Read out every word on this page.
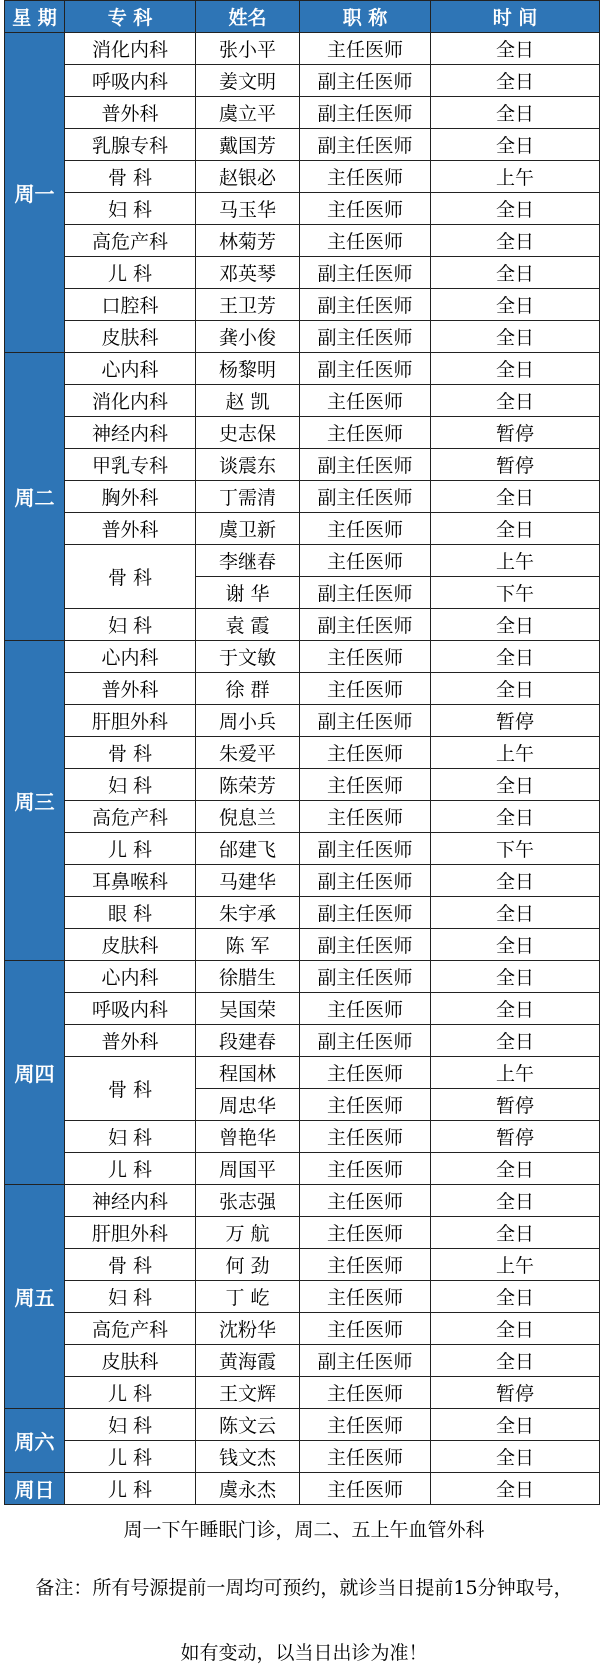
星 期	专 科	姓名	职 称	时 间
周一	消化内科	张小平	主任医师	全日
	呼吸内科	姜文明	副主任医师	全日
	普外科	虞立平	副主任医师	全日
	乳腺专科	戴国芳	副主任医师	全日
	骨 科	赵银必	主任医师	上午
	妇 科	马玉华	主任医师	全日
	高危产科	林菊芳	主任医师	全日
	儿 科	邓英琴	副主任医师	全日
	口腔科	王卫芳	副主任医师	全日
	皮肤科	龚小俊	副主任医师	全日
周二	心内科	杨黎明	副主任医师	全日
	消化内科	赵 凯	主任医师	全日
	神经内科	史志保	主任医师	暂停
	甲乳专科	谈震东	副主任医师	暂停
	胸外科	丁需清	副主任医师	全日
	普外科	虞卫新	主任医师	全日
	骨 科	李继春	主任医师	上午
		谢 华	副主任医师	下午
	妇 科	袁 霞	副主任医师	全日
周三	心内科	于文敏	主任医师	全日
	普外科	徐 群	主任医师	全日
	肝胆外科	周小兵	副主任医师	暂停
	骨 科	朱爱平	主任医师	上午
	妇 科	陈荣芳	主任医师	全日
	高危产科	倪息兰	主任医师	全日
	儿 科	邰建飞	副主任医师	下午
	耳鼻喉科	马建华	副主任医师	全日
	眼 科	朱宇承	副主任医师	全日
	皮肤科	陈 军	副主任医师	全日
周四	心内科	徐腊生	副主任医师	全日
	呼吸内科	吴国荣	主任医师	全日
	普外科	段建春	副主任医师	全日
	骨 科	程国林	主任医师	上午
		周忠华	主任医师	暂停
	妇 科	曾艳华	主任医师	暂停
	儿 科	周国平	主任医师	全日
周五	神经内科	张志强	主任医师	全日
	肝胆外科	万 航	主任医师	全日
	骨 科	何 劲	主任医师	上午
	妇 科	丁 屹	主任医师	全日
	高危产科	沈粉华	主任医师	全日
	皮肤科	黄海霞	副主任医师	全日
	儿 科	王文辉	主任医师	暂停
周六	妇 科	陈文云	主任医师	全日
	儿 科	钱文杰	主任医师	全日
周日	儿 科	虞永杰	主任医师	全日
周一下午睡眠门诊，周二、五上午血管外科
备注：所有号源提前一周均可预约，就诊当日提前15分钟取号，
如有变动，以当日出诊为准！
